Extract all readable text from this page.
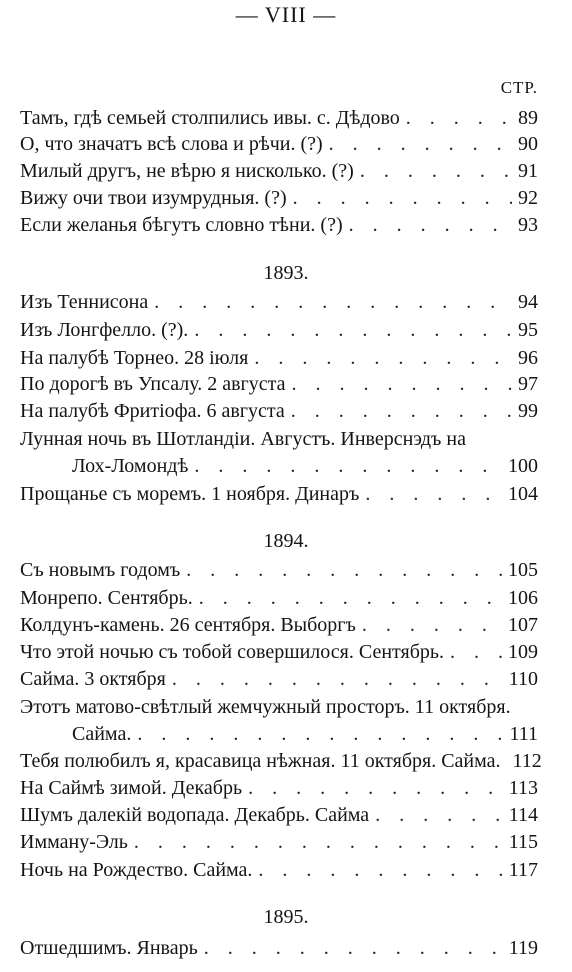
— VIII —
СТР.
Тамъ, гдѣ семьей столпились ивы. с. Дѣдово . . .	89
О, что значатъ всѣ слова и рѣчи. (?) . . .	90
Милый другъ, не вѣрю я нисколько. (?) . . .	91
Вижу очи твои изумрудныя. (?) . . .	92
Если желанья бѣгутъ словно тѣни. (?) . . .	93
1893.
Изъ Теннисона . . .	94
Изъ Лонгфелло. (?). . . .	95
На палубѣ Торнео. 28 іюля . . .	96
По дорогѣ въ Упсалу. 2 августа . . .	97
На палубѣ Фритіофа. 6 августа . . .	99
Лунная ночь въ Шотландіи. Августъ. Инверснэдъ на
Лох-Ломондѣ . . .	100
Прощанье съ моремъ. 1 ноября. Динаръ . . .	104
1894.
Съ новымъ годомъ . . .	105
Монрепо. Сентябрь. . . .	106
Колдунъ-камень. 26 сентября. Выборгъ . . .	107
Что этой ночью съ тобой совершилося. Сентябрь. . . .	109
Сайма. 3 октября . . .	110
Этотъ матово-свѣтлый жемчужный просторъ. 11 октября.
Сайма. . . .	111
Тебя полюбилъ я, красавица нѣжная. 11 октября. Сайма. . . . 112
На Саймѣ зимой. Декабрь . . .	113
Шумъ далекій водопада. Декабрь. Сайма . . .	114
Имману-Эль . . .	115
Ночь на Рождество. Сайма. . . .	117
1895.
Отшедшимъ. Январь . . .	119
